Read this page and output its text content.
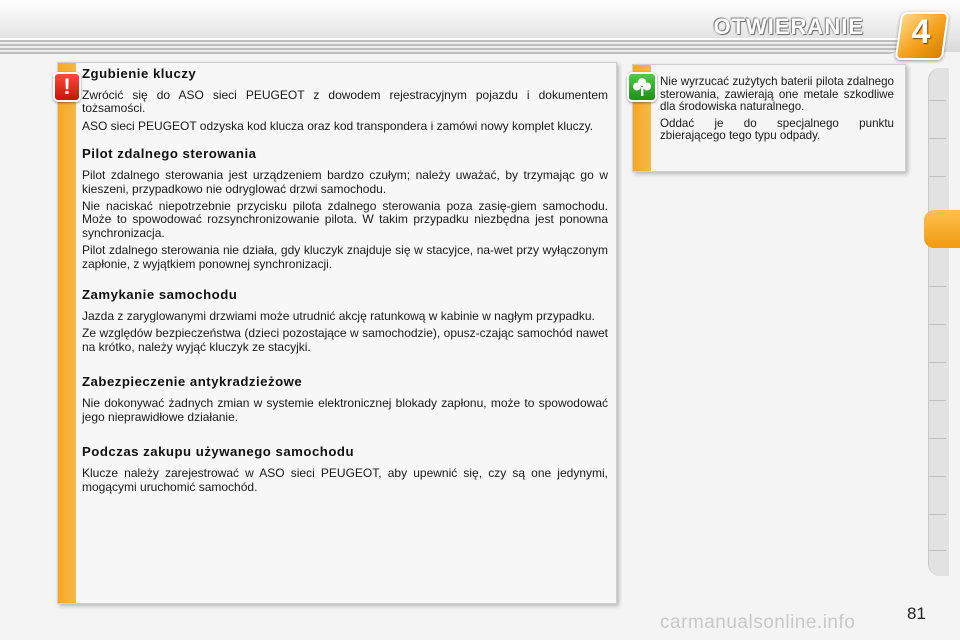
OTWIERANIE 4
!
Zgubienie kluczy

Zwrócić się do ASO sieci PEUGEOT z dowodem rejestracyjnym pojazdu i dokumentem tożsamości.

ASO sieci PEUGEOT odzyska kod klucza oraz kod transpondera i zamówi nowy komplet kluczy.

Pilot zdalnego sterowania

Pilot zdalnego sterowania jest urządzeniem bardzo czułym; należy uważać, by trzymając go w kieszeni, przypadkowo nie odryglować drzwi samochodu.

Nie naciskać niepotrzebnie przycisku pilota zdalnego sterowania poza zasię-giem samochodu. Może to spowodować rozsynchronizowanie pilota. W takim przypadku niezbędna jest ponowna synchronizacja.

Pilot zdalnego sterowania nie działa, gdy kluczyk znajduje się w stacyjce, na-wet przy wyłączonym zapłonie, z wyjątkiem ponownej synchronizacji.

Zamykanie samochodu

Jazda z zaryglowanymi drzwiami może utrudnić akcję ratunkową w kabinie w nagłym przypadku.

Ze względów bezpieczeństwa (dzieci pozostające w samochodzie), opusz-czając samochód nawet na krótko, należy wyjąć kluczyk ze stacyjki.

Zabezpieczenie antykradzieżowe

Nie dokonywać żadnych zmian w systemie elektronicznej blokady zapłonu, może to spowodować jego nieprawidłowe działanie.

Podczas zakupu używanego samochodu

Klucze należy zarejestrować w ASO sieci PEUGEOT, aby upewnić się, czy są one jedynymi, mogącymi uruchomić samochód.

Nie wyrzucać zużytych baterii pilota zdalnego sterowania, zawierają one metale szkodliwe dla środowiska naturalnego.

Oddać je do specjalnego punktu zbierającego tego typu odpady.

carmanualsonline.info	81
